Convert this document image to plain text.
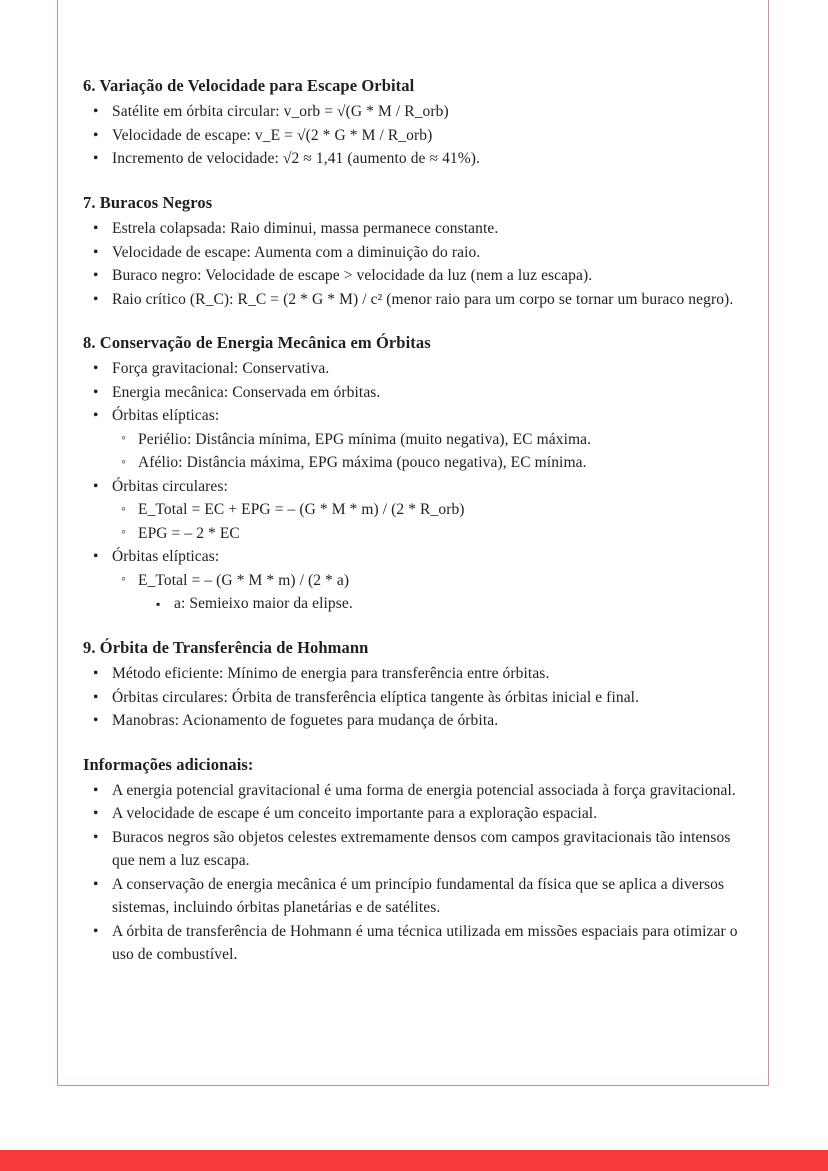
6. Variação de Velocidade para Escape Orbital
• Satélite em órbita circular: v_orb = √(G * M / R_orb)
• Velocidade de escape: v_E = √(2 * G * M / R_orb)
• Incremento de velocidade: √2 ≈ 1,41 (aumento de ≈ 41%).
7. Buracos Negros
• Estrela colapsada: Raio diminui, massa permanece constante.
• Velocidade de escape: Aumenta com a diminuição do raio.
• Buraco negro: Velocidade de escape > velocidade da luz (nem a luz escapa).
• Raio crítico (R_C): R_C = (2 * G * M) / c² (menor raio para um corpo se tornar um buraco negro).
8. Conservação de Energia Mecânica em Órbitas
• Força gravitacional: Conservativa.
• Energia mecânica: Conservada em órbitas.
• Órbitas elípticas:
◦ Periélio: Distância mínima, EPG mínima (muito negativa), EC máxima.
◦ Afélio: Distância máxima, EPG máxima (pouco negativa), EC mínima.
• Órbitas circulares:
◦ E_Total = EC + EPG = – (G * M * m) / (2 * R_orb)
◦ EPG = – 2 * EC
• Órbitas elípticas:
◦ E_Total = – (G * M * m) / (2 * a)
▪ a: Semieixo maior da elipse.
9. Órbita de Transferência de Hohmann
• Método eficiente: Mínimo de energia para transferência entre órbitas.
• Órbitas circulares: Órbita de transferência elíptica tangente às órbitas inicial e final.
• Manobras: Acionamento de foguetes para mudança de órbita.
Informações adicionais:
• A energia potencial gravitacional é uma forma de energia potencial associada à força gravitacional.
• A velocidade de escape é um conceito importante para a exploração espacial.
• Buracos negros são objetos celestes extremamente densos com campos gravitacionais tão intensos que nem a luz escapa.
• A conservação de energia mecânica é um princípio fundamental da física que se aplica a diversos sistemas, incluindo órbitas planetárias e de satélites.
• A órbita de transferência de Hohmann é uma técnica utilizada em missões espaciais para otimizar o uso de combustível.
